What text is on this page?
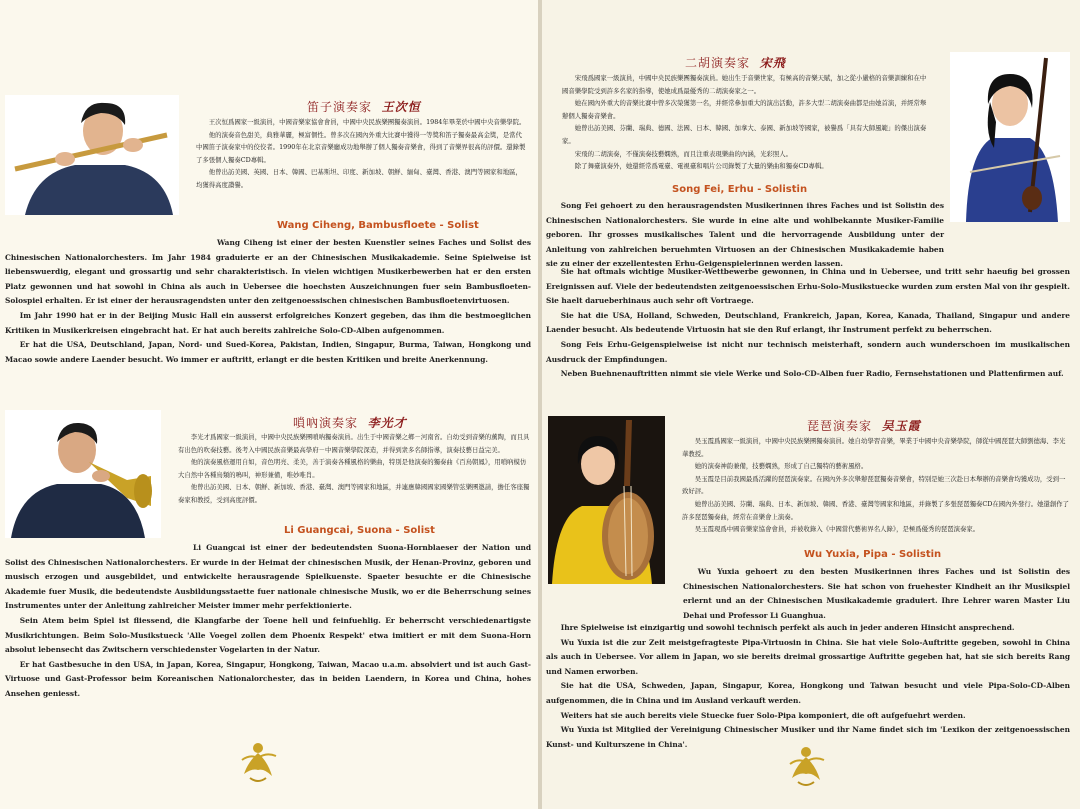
笛子演奏家 王次恒

王次恒爲國家一級演員，中國音樂家協會會員，中國中央民族樂團獨奏演員。1984年畢業於中國中央音樂學院。

他的演奏音色甜美，典雅華麗，極富個性。曾多次在國內外重大比賽中獲得一等獎和笛子獨奏最高金獎，是當代中國笛子演奏家中的佼佼者。1990年在北京音樂廳成功地舉辦了個人獨奏音樂會，得到了音樂界很高的評價。還錄製了多張個人獨奏CD專輯。

他曾出訪美國、英國、日本、韓國、巴基斯坦、印度、新加坡、朝鮮、緬甸、臺灣、香港、澳門等國家和地區，均獲得高度讚譽。

Wang Ciheng, Bambusfloete - Solist

Wang Ciheng ist einer der besten Kuenstler seines Faches und Solist des Chinesischen Nationalorchesters. Im Jahr 1984 graduierte er an der Chinesischen Musikakademie. Seine Spielweise ist liebenswuerdig, elegant und grossartig und sehr charakteristisch. In vielen wichtigen Musikerbewerben hat er den ersten Platz gewonnen und hat sowohl in China als auch in Uebersee die hoechsten Auszeichnungen fuer sein Bambusfloeten-Solospiel erhalten. Er ist einer der herausragendsten unter den zeitgenoessischen chinesischen Bambusfloetenvirtuosen.

Im Jahr 1990 hat er in der Beijing Music Hall ein ausserst erfolgreiches Konzert gegeben, das ihm die bestmoeglichen Kritiken in Musikerkreisen eingebracht hat. Er hat auch bereits zahlreiche Solo-CD-Alben aufgenommen.

Er hat die USA, Deutschland, Japan, Nord- und Sued-Korea, Pakistan, Indien, Singapur, Burma, Taiwan, Hongkong und Macao sowie andere Laender besucht. Wo immer er auftritt, erlangt er die besten Kritiken und breite Anerkennung.

嗩吶演奏家 李光才

李光才爲國家一級演員，中國中央民族樂團嗩吶獨奏演員。出生于中國音樂之鄉－河南省。自幼受到音樂的薰陶，而且具有出色的吹奏技藝。後考入中國民族音樂最高學府－中國音樂學院深造，并得到衆多名師指導，演奏技藝日益完美。

他的演奏風格運用自如，音色明亮、柔美，善于演奏各種風格的樂曲，特別是他演奏的獨奏曲《百鳥朝鳳》，用嗩吶模仿大自然中各種鳥類的鳴叫，神形兼備，唯妙唯肖。

他曾出訪美國、日本、朝鮮、新加坡、香港、臺灣、澳門等國家和地區，并連應韓國國家國樂管弦樂團邀請，擔任客座獨奏家和教授，受到高度評價。

Li Guangcai, Suona - Solist

Li Guangcai ist einer der bedeutendsten Suona-Hornblaeser der Nation und Solist des Chinesischen Nationalorchesters. Er wurde in der Heimat der chinesischen Musik, der Henan-Provinz, geboren und musisch erzogen und ausgebildet, und entwickelte herausragende Spielkuenste. Spaeter besuchte er die Chinesische Akademie fuer Musik, die bedeutendste Ausbildungsstaette fuer nationale chinesische Musik, wo er die Beherrschung seines Instrumentes unter der Anleitung zahlreicher Meister immer mehr perfektionierte.

Sein Atem beim Spiel ist fliessend, die Klangfarbe der Toene hell und feinfuehlig. Er beherrscht verschiedenartigste Musikrichtungen. Beim Solo-Musikstueck 'Alle Voegel zollen dem Phoenix Respekt' etwa imitiert er mit dem Suona-Horn absolut lebensecht das Zwitschern verschiedenster Vogelarten in der Natur.

Er hat Gastbesuche in den USA, in Japan, Korea, Singapur, Hongkong, Taiwan, Macao u.a.m. absolviert und ist auch Gast-Virtuose und Gast-Professor beim Koreanischen Nationalorchester, das in beiden Laendern, in Korea und China, hohes Ansehen geniesst.

二胡演奏家 宋飛

宋飛爲國家一級演員，中國中央民族樂團獨奏演員。她出生于音樂世家，有極高的音樂天賦，加之從小嚴格的音樂訓練和在中國音樂學院受到許多名家的指導，使她成爲最優秀的二胡演奏家之一。

她在國內外重大的音樂比賽中曾多次榮獲第一名，并經常參加重大的演出活動，許多大型二胡演奏曲都是由她首演，并經常舉辦個人獨奏音樂會。

她曾出訪美國、芬蘭、瑞典、德國、法國、日本、韓國、加拿大、泰國、新加坡等國家，被譽爲「具有大師風範」的傑出演奏家。

宋飛的二胡演奏，不僅演奏技藝嫻熟，而且注重表現樂曲的內涵，光彩照人。

除了舞臺演奏外，她還經常爲電臺、電視臺和唱片公司錄製了大量的樂曲和獨奏CD專輯。

Song Fei, Erhu - Solistin

Song Fei gehoert zu den herausragendsten Musikerinnen ihres Faches und ist Solistin des Chinesischen Nationalorchesters. Sie wurde in eine alte und wohlbekannte Musiker-Familie geboren. Ihr grosses musikalisches Talent und die hervorragende Ausbildung unter der Anleitung von zahlreichen beruehmten Virtuosen an der Chinesischen Musikakademie haben sie zu einer der exzellentesten Erhu-Geigenspielerinnen werden lassen.

Sie hat oftmals wichtige Musiker-Wettbewerbe gewonnen, in China und in Uebersee, und tritt sehr haeufig bei grossen Ereignissen auf. Viele der bedeutendsten zeitgenoessischen Erhu-Solo-Musikstuecke wurden zum ersten Mal von ihr gespielt. Sie haelt darueberhinaus auch sehr oft Vortraege.

Sie hat die USA, Holland, Schweden, Deutschland, Frankreich, Japan, Korea, Kanada, Thailand, Singapur und andere Laender besucht. Als bedeutende Virtuosin hat sie den Ruf erlangt, ihr Instrument perfekt zu beherrschen.

Song Feis Erhu-Geigenspielweise ist nicht nur technisch meisterhaft, sondern auch wunderschoen im musikalischen Ausdruck der Empfindungen.

Neben Buehnenauftritten nimmt sie viele Werke und Solo-CD-Alben fuer Radio, Fernsehstationen und Plattenfirmen auf.

琵琶演奏家 吴玉霞

吴玉霞爲國家一級演員，中國中央民族樂團獨奏演員。她自幼學習音樂，畢業于中國中央音樂學院，師從中國琵琶大師劉德海、李光華教授。

她的演奏神韵兼備，技藝嫻熟，形成了自己獨特的藝術風格。

吴玉霞是目前我國最爲活躍的琵琶演奏家。在國內外多次舉辦琵琶獨奏音樂會，特別是她三次赴日本舉辦的音樂會均獲成功，受到一致好評。

她曾出訪美國、芬蘭、瑞典、日本、新加坡、韓國、香港、臺灣等國家和地區，并錄製了多張琵琶獨奏CD在國內外發行。她還創作了許多琵琶獨奏曲，經常在音樂會上演奏。

吴玉霞現爲中國音樂家協會會員，并被收錄入《中國當代藝術界名人錄》，是極爲優秀的琵琶演奏家。

Wu Yuxia, Pipa - Solistin

Wu Yuxia gehoert zu den besten Musikerinnen ihres Faches und ist Solistin des Chinesischen Nationalorchesters. Sie hat schon von fruehester Kindheit an ihr Musikspiel erlernt und an der Chinesischen Musikakademie graduiert. Ihre Lehrer waren Master Liu Dehai und Professor Li Guanghua.

Ihre Spielweise ist einzigartig und sowohl technisch perfekt als auch in jeder anderen Hinsicht ansprechend.

Wu Yuxia ist die zur Zeit meistgefragteste Pipa-Virtuosin in China. Sie hat viele Solo-Auftritte gegeben, sowohl in China als auch in Uebersee. Vor allem in Japan, wo sie bereits dreimal grossartige Auftritte gegeben hat, hat sie sich bereits Rang und Namen erworben.

Sie hat die USA, Schweden, Japan, Singapur, Korea, Hongkong und Taiwan besucht und viele Pipa-Solo-CD-Alben aufgenommen, die in China und im Ausland verkauft werden.

Weiters hat sie auch bereits viele Stuecke fuer Solo-Pipa komponiert, die oft aufgefuehrt werden.

Wu Yuxia ist Mitglied der Vereinigung Chinesischer Musiker und ihr Name findet sich im 'Lexikon der zeitgenoessischen Kunst- und Kulturszene in China'.
